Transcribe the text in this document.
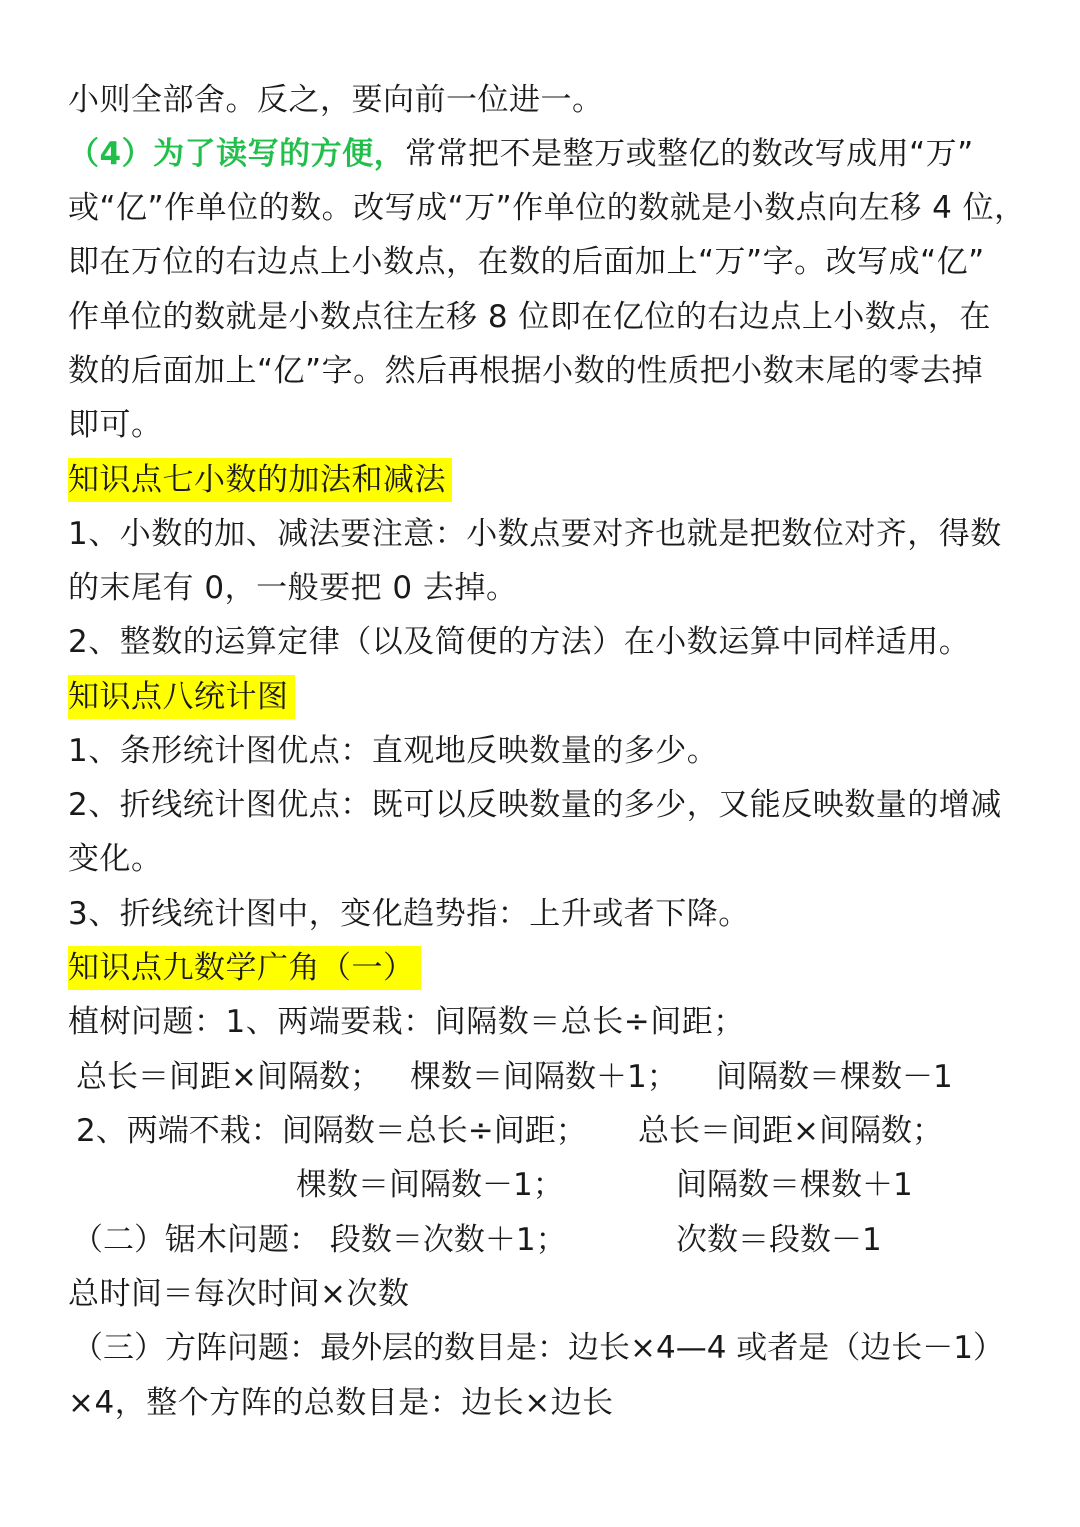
小则全部舍。反之，要向前一位进一。
（4）为了读写的方便，常常把不是整万或整亿的数改写成用“万”
或“亿”作单位的数。改写成“万”作单位的数就是小数点向左移 4 位，
即在万位的右边点上小数点，在数的后面加上“万”字。改写成“亿”
作单位的数就是小数点往左移 8 位即在亿位的右边点上小数点，在
数的后面加上“亿”字。然后再根据小数的性质把小数末尾的零去掉
即可。
知识点七小数的加法和减法
1、小数的加、减法要注意：小数点要对齐也就是把数位对齐，得数
的末尾有 0，一般要把 0 去掉。
2、整数的运算定律（以及简便的方法）在小数运算中同样适用。
知识点八统计图
1、条形统计图优点：直观地反映数量的多少。
2、折线统计图优点：既可以反映数量的多少，又能反映数量的增减
变化。
3、折线统计图中，变化趋势指：上升或者下降。
知识点九数学广角（一）
植树问题：1、两端要栽：间隔数＝总长÷间距；
总长＝间距×间隔数； 棵数＝间隔数＋1； 间隔数＝棵数－1
2、两端不栽：间隔数＝总长÷间距； 总长＝间距×间隔数；
棵数＝间隔数－1；	间隔数＝棵数＋1
（二）锯木问题： 段数＝次数＋1；	次数＝段数－1
总时间＝每次时间×次数
（三）方阵问题：最外层的数目是：边长×4—4 或者是（边长－1）
×4，整个方阵的总数目是：边长×边长
